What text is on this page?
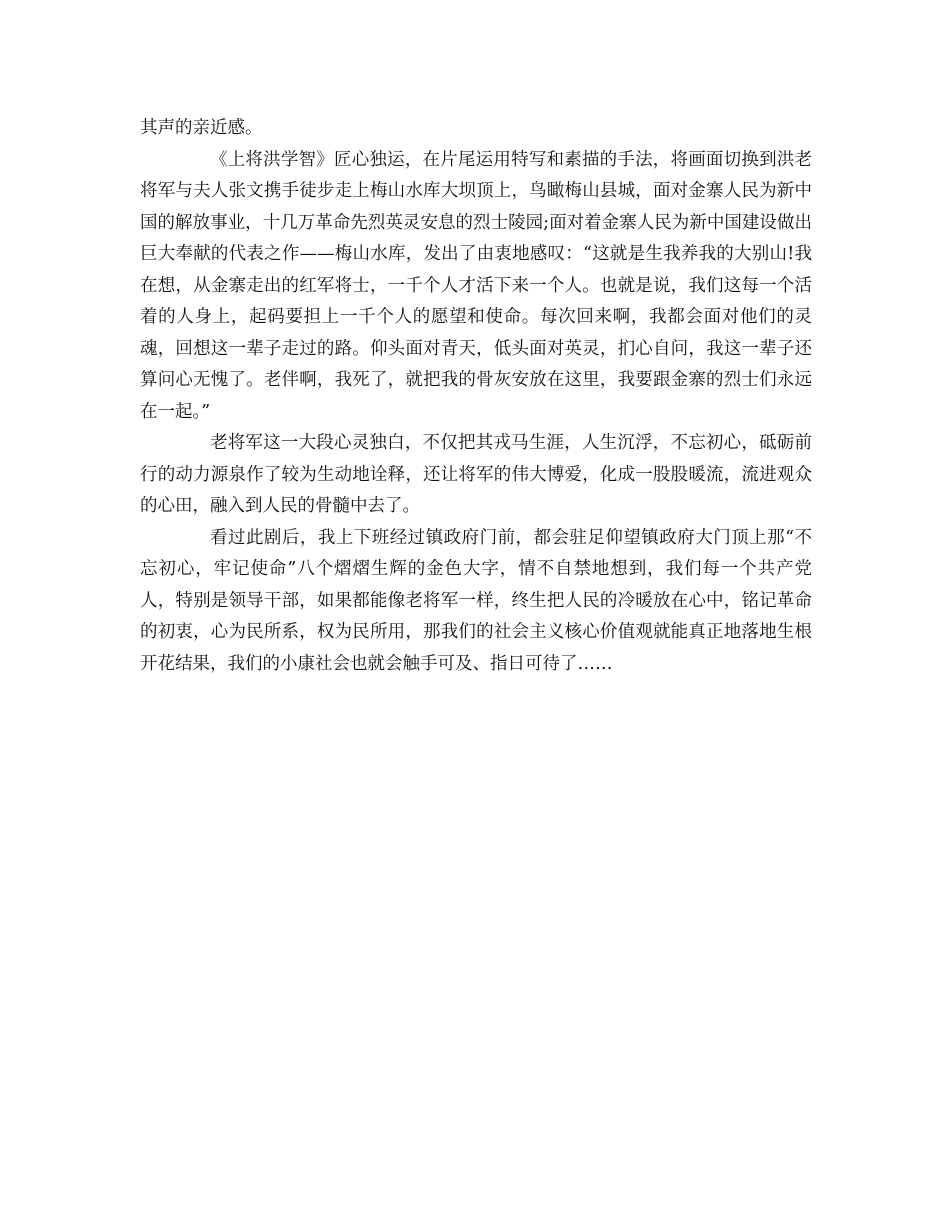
其声的亲近感。

《上将洪学智》匠心独运，在片尾运用特写和素描的手法，将画面切换到洪老将军与夫人张文携手徒步走上梅山水库大坝顶上，鸟瞰梅山县城，面对金寨人民为新中国的解放事业，十几万革命先烈英灵安息的烈士陵园;面对着金寨人民为新中国建设做出巨大奉献的代表之作——梅山水库，发出了由衷地感叹：“这就是生我养我的大别山!我在想，从金寨走出的红军将士，一千个人才活下来一个人。也就是说，我们这每一个活着的人身上，起码要担上一千个人的愿望和使命。每次回来啊，我都会面对他们的灵魂，回想这一辈子走过的路。仰头面对青天，低头面对英灵，扪心自问，我这一辈子还算问心无愧了。老伴啊，我死了，就把我的骨灰安放在这里，我要跟金寨的烈士们永远在一起。”

老将军这一大段心灵独白，不仅把其戎马生涯，人生沉浮，不忘初心，砥砺前行的动力源泉作了较为生动地诠释，还让将军的伟大博爱，化成一股股暖流，流进观众的心田，融入到人民的骨髓中去了。

看过此剧后，我上下班经过镇政府门前，都会驻足仰望镇政府大门顶上那“不忘初心，牢记使命”八个熠熠生辉的金色大字，情不自禁地想到，我们每一个共产党人，特别是领导干部，如果都能像老将军一样，终生把人民的冷暖放在心中，铭记革命的初衷，心为民所系，权为民所用，那我们的社会主义核心价值观就能真正地落地生根开花结果，我们的小康社会也就会触手可及、指日可待了……
